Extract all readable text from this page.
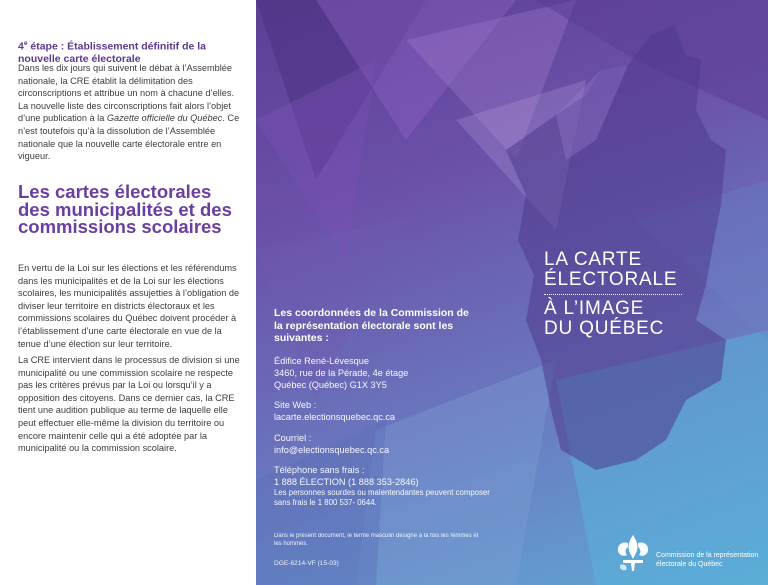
4e étape : Établissement définitif de la nouvelle carte électorale

Dans les dix jours qui suivent le débat à l’Assemblée nationale, la CRE établit la délimitation des circonscriptions et attribue un nom à chacune d’elles. La nouvelle liste des circonscriptions fait alors l’objet d’une publication à la Gazette officielle du Québec. Ce n’est toutefois qu’à la dissolution de l’Assemblée nationale que la nouvelle carte électorale entre en vigueur.

Les cartes électorales des municipalités et des commissions scolaires

En vertu de la Loi sur les élections et les référendums dans les municipalités et de la Loi sur les élections scolaires, les municipalités assujetties à l’obligation de diviser leur territoire en districts électoraux et les commissions scolaires du Québec doivent procéder à l’établissement d’une carte électorale en vue de la tenue d’une élection sur leur territoire.

La CRE intervient dans le processus de division si une municipalité ou une commission scolaire ne respecte pas les critères prévus par la Loi ou lorsqu’il y a opposition des citoyens. Dans ce dernier cas, la CRE tient une audition publique au terme de laquelle elle peut effectuer elle-même la division du territoire ou encore maintenir celle qui a été adoptée par la municipalité ou la commission scolaire.

Les coordonnées de la Commission de la représentation électorale sont les suivantes :

Édifice René-Lévesque

3460, rue de la Pérade, 4e étage

Québec (Québec) G1X 3Y5

Site Web :

lacarte.electionsquebec.qc.ca

Courriel :

info@electionsquebec.qc.ca

Téléphone sans frais :

1 888 ÉLECTION (1 888 353-2846)

Les personnes sourdes ou malentendantes peuvent composer sans frais le 1 800 537- 0644.

Dans le présent document, le terme masculin désigne à la fois les femmes et les hommes.

DGE-6214-VF (15-03)

LA CARTE

ÉLECTORALE

À L’IMAGE

DU QUÉBEC

Commission de la représentation électorale du Québec
